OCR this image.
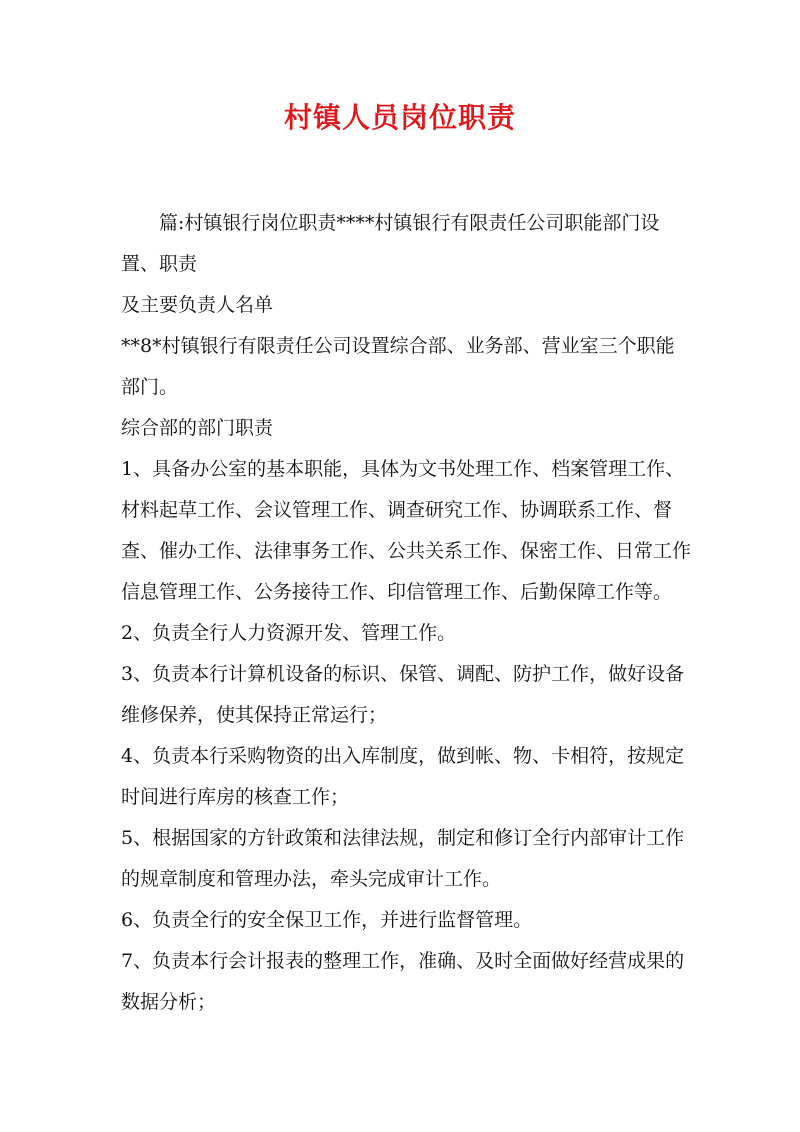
村镇人员岗位职责

篇:村镇银行岗位职责****村镇银行有限责任公司职能部门设置、职责

及主要负责人名单

**8*村镇银行有限责任公司设置综合部、业务部、营业室三个职能部门。

综合部的部门职责

1、具备办公室的基本职能，具体为文书处理工作、档案管理工作、材料起草工作、会议管理工作、调查研究工作、协调联系工作、督查、催办工作、法律事务工作、公共关系工作、保密工作、日常工作信息管理工作、公务接待工作、印信管理工作、后勤保障工作等。

2、负责全行人力资源开发、管理工作。

3、负责本行计算机设备的标识、保管、调配、防护工作，做好设备维修保养，使其保持正常运行；

4、负责本行采购物资的出入库制度，做到帐、物、卡相符，按规定时间进行库房的核查工作；

5、根据国家的方针政策和法律法规，制定和修订全行内部审计工作的规章制度和管理办法，牵头完成审计工作。

6、负责全行的安全保卫工作，并进行监督管理。

7、负责本行会计报表的整理工作，准确、及时全面做好经营成果的数据分析；
